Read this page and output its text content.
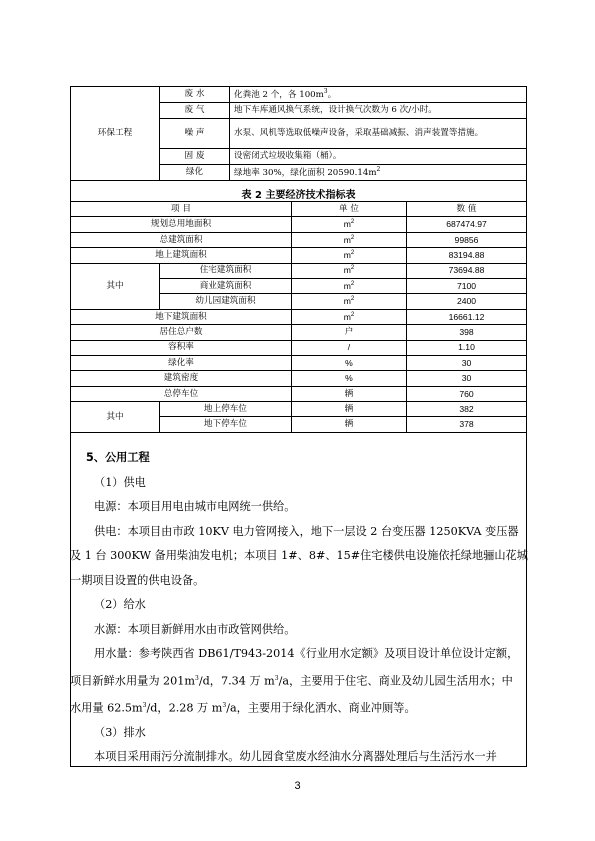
环保工程	废 水	化粪池 2 个，各 $100m^3$。
	废 气	地下车库通风换气系统，设计换气次数为 6 次/小时。
	噪 声	水泵、风机等选取低噪声设备，采取基础减振、消声装置等措施。
	固 废	设密闭式垃圾收集箱（桶）。
	绿化	绿地率 30%，绿化面积 $20590.14m^2$
表 2 主要经济技术指标表
项 目		单 位	数 值
规划总用地面积		$m^2$	687474.97
总建筑面积		$m^2$	99856
地上建筑面积		$m^2$	83194.88
其中	住宅建筑面积	$m^2$	73694.88
	商业建筑面积	$m^2$	7100
	幼儿园建筑面积	$m^2$	2400
地下建筑面积		$m^2$	16661.12
居住总户数		户	398
容积率		/	1.10
绿化率		%	30
建筑密度		%	30
总停车位		辆	760
其中	地上停车位	辆	382
	地下停车位	辆	378

5、公用工程

（1）供电

电源：本项目用电由城市电网统一供给。

供电：本项目由市政 10KV 电力管网接入，地下一层设 2 台变压器 1250KVA 变压器

及 1 台 300KW 备用柴油发电机；本项目 1#、8#、15#住宅楼供电设施依托绿地骊山花城

一期项目设置的供电设备。

（2）给水

水源：本项目新鲜用水由市政管网供给。

用水量：参考陕西省 DB61/T943-2014《行业用水定额》及项目设计单位设计定额，

项目新鲜水用量为 $201m^3/d$，7.34 万 $m^3/a$，主要用于住宅、商业及幼儿园生活用水；中

水用量 $62.5m^3/d$，2.28 万 $m^3/a$，主要用于绿化洒水、商业冲厕等。

（3）排水

本项目采用雨污分流制排水。幼儿园食堂废水经油水分离器处理后与生活污水一并

3
